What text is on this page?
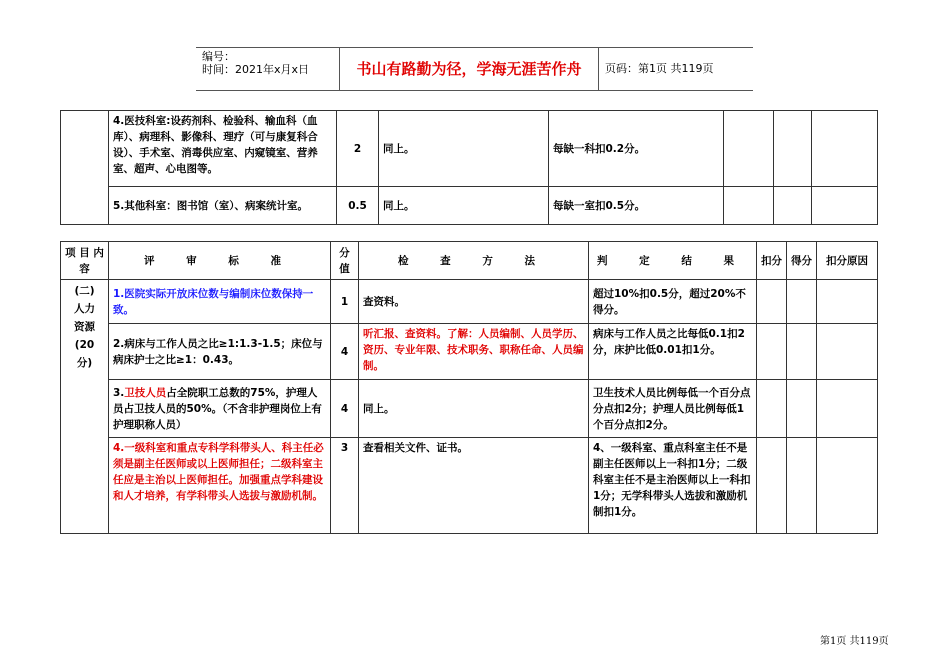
编号：
时间：2021年x月x日	书山有路勤为径，学海无涯苦作舟	页码：第1页 共119页
	4.医技科室:设药剂科、检验科、输血科（血库）、病理科、影像科、理疗（可与康复科合设）、手术室、消毒供应室、内窥镜室、营养室、超声、心电图等。	2	同上。	每缺一科扣0.2分。			
	5.其他科室：图书馆（室）、病案统计室。	0.5	同上。	每缺一室扣0.5分。			
项 目 内 容	评 审 标 准	分值	检 查 方 法	判 定 结 果	扣分	得分	扣分原因
(二)人力资源(20分)	1.医院实际开放床位数与编制床位数保持一致。	1	查资料。	超过10%扣0.5分，超过20%不得分。			
	2.病床与工作人员之比≥1:1.3-1.5；床位与病床护士之比≥1：0.43。	4	听汇报、查资料。了解：人员编制、人员学历、资历、专业年限、技术职务、职称任命、人员编制。	病床与工作人员之比每低0.1扣2分，床护比低0.01扣1分。			
	3.卫技人员占全院职工总数的75%，护理人员占卫技人员的50%。（不含非护理岗位上有护理职称人员）	4	同上。	卫生技术人员比例每低一个百分点分点扣2分；护理人员比例每低1个百分点扣2分。			
	4.一级科室和重点专科学科带头人、科主任必须是副主任医师或以上医师担任；二级科室主任应是主治以上医师担任。加强重点学科建设和人才培养，有学科带头人选拔与激励机制。	3	查看相关文件、证书。	4、一级科室、重点科室主任不是副主任医师以上一科扣1分；二级科室主任不是主治医师以上一科扣1分；无学科带头人选拔和激励机制扣1分。			
第1页 共119页
